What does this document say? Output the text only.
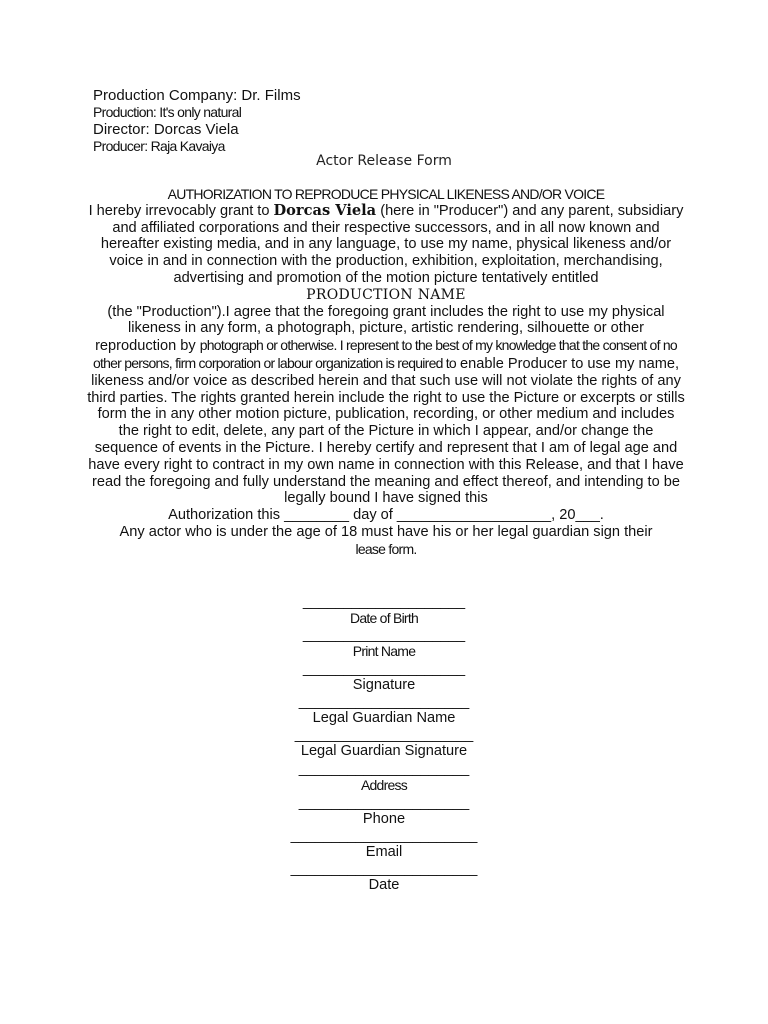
Production Company: Dr. Films
Production: It's only natural
Director: Dorcas Viela
Producer: Raja Kavaiya
Actor Release Form

AUTHORIZATION TO REPRODUCE PHYSICAL LIKENESS AND/OR VOICE

I hereby irrevocably grant to Dorcas Viela (here in "Producer") and any parent, subsidiary and affiliated corporations and their respective successors, and in all now known and hereafter existing media, and in any language, to use my name, physical likeness and/or voice in and in connection with the production, exhibition, exploitation, merchandising, advertising and promotion of the motion picture tentatively entitled

PRODUCTION NAME

(the "Production").I agree that the foregoing grant includes the right to use my physical likeness in any form, a photograph, picture, artistic rendering, silhouette or other reproduction by photograph or otherwise. I represent to the best of my knowledge that the consent of no other persons, firm corporation or labour organization is required to enable Producer to use my name, likeness and/or voice as described herein and that such use will not violate the rights of any third parties. The rights granted herein include the right to use the Picture or excerpts or stills form the in any other motion picture, publication, recording, or other medium and includes the right to edit, delete, any part of the Picture in which I appear, and/or change the sequence of events in the Picture. I hereby certify and represent that I am of legal age and have every right to contract in my own name in connection with this Release, and that I have read the foregoing and fully understand the meaning and effect thereof, and intending to be legally bound I have signed this

Authorization this ________ day of ___________________, 20___.

Any actor who is under the age of 18 must have his or her legal guardian sign their
lease form.

____________________
Date of Birth
____________________
Print Name
____________________
Signature
_____________________
Legal Guardian Name
______________________
Legal Guardian Signature
_____________________
Address
_____________________
Phone
_______________________
Email
_______________________
Date
